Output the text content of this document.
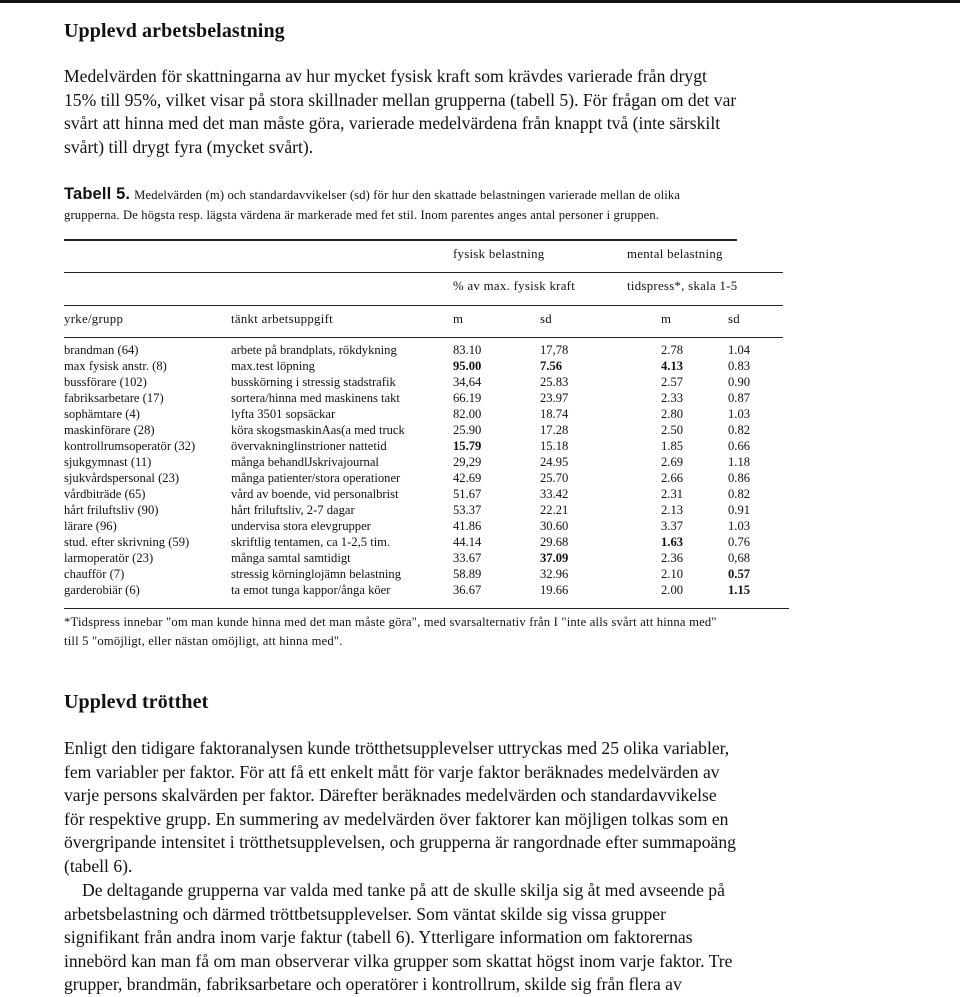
Upplevd arbetsbelastning
Medelvärden för skattningarna av hur mycket fysisk kraft som krävdes varierade från drygt
15% till 95%, vilket visar på stora skillnader mellan grupperna (tabell 5). För frågan om det var
svårt att hinna med det man måste göra, varierade medelvärdena från knappt två (inte särskilt
svårt) till drygt fyra (mycket svårt).
Tabell 5. Medelvärden (m) och standardavvikelser (sd) för hur den skattade belastningen varierade mellan de olika
grupperna. De högsta resp. lägsta värdena är markerade med fet stil. Inom parentes anges antal personer i gruppen.
fysisk belastning	mental belastning
% av max. fysisk kraft	tidspress*, skala 1-5
yrke/grupp	tänkt arbetsuppgift	m	sd	m	sd
brandman (64)	arbete på brandplats, rökdykning	83.10	17,78	2.78	1.04
max fysisk anstr. (8)	max.test löpning	95.00	7.56	4.13	0.83
bussförare (102)	busskörning i stressig stadstrafik	34,64	25.83	2.57	0.90
fabriksarbetare (17)	sortera/hinna med maskinens takt	66.19	23.97	2.33	0.87
sophämtare (4)	lyfta 3501 sopsäckar	82.00	18.74	2.80	1.03
maskinförare (28)	köra skogsmaskinAas(a med truck	25.90	17.28	2.50	0.82
kontrollrumsoperatör (32)	övervakninglinstrioner nattetid	15.79	15.18	1.85	0.66
sjukgymnast (11)	många behandlJskrivajournal	29,29	24.95	2.69	1.18
sjukvårdspersonal (23)	många patienter/stora operationer	42.69	25.70	2.66	0.86
vårdbiträde (65)	vård av boende, vid personalbrist	51.67	33.42	2.31	0.82
hårt friluftsliv (90)	hårt friluftsliv, 2-7 dagar	53.37	22.21	2.13	0.91
lärare (96)	undervisa stora elevgrupper	41.86	30.60	3.37	1.03
stud. efter skrivning (59)	skriftlig tentamen, ca 1-2,5 tim.	44.14	29.68	1.63	0.76
larmoperatör (23)	många samtal samtidigt	33.67	37.09	2.36	0,68
chaufför (7)	stressig körninglojämn belastning	58.89	32.96	2.10	0.57
garderobiär (6)	ta emot tunga kappor/ånga köer	36.67	19.66	2.00	1.15
*Tidspress innebar "om man kunde hinna med det man måste göra", med svarsalternativ från I "inte alls svårt att hinna med"
till 5 "omöjligt, eller nästan omöjligt, att hinna med".
Upplevd trötthet
Enligt den tidigare faktoranalysen kunde trötthetsupplevelser uttryckas med 25 olika variabler,
fem variabler per faktor. För att få ett enkelt mått för varje faktor beräknades medelvärden av
varje persons skalvärden per faktor. Därefter beräknades medelvärden och standardavvikelse
för respektive grupp. En summering av medelvärden över faktorer kan möjligen tolkas som en
övergripande intensitet i trötthetsupplevelsen, och grupperna är rangordnade efter summapoäng
(tabell 6).
De deltagande grupperna var valda med tanke på att de skulle skilja sig åt med avseende på
arbetsbelastning och därmed tröttbetsupplevelser. Som väntat skilde sig vissa grupper
signifikant från andra inom varje faktur (tabell 6). Ytterligare information om faktorernas
innebörd kan man få om man observerar vilka grupper som skattat högst inom varje faktor. Tre
grupper, brandmän, fabriksarbetare och operatörer i kontrollrum, skilde sig från flera av
